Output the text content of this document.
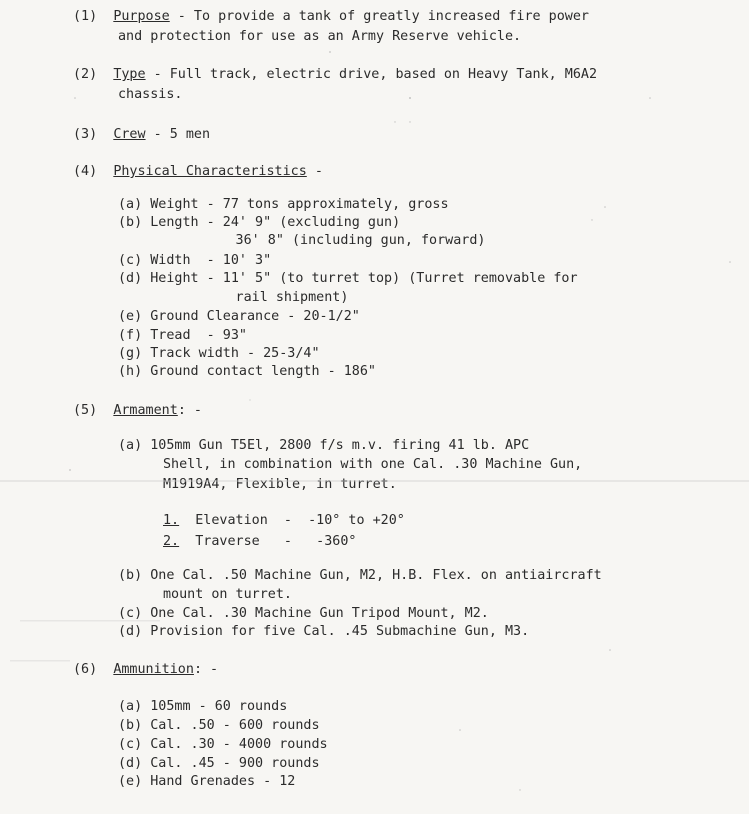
(1) Purpose - To provide a tank of greatly increased fire power
and protection for use as an Army Reserve vehicle.
(2) Type - Full track, electric drive, based on Heavy Tank, M6A2
chassis.
(3) Crew - 5 men
(4) Physical Characteristics -
(a) Weight - 77 tons approximately, gross
(b) Length - 24' 9" (excluding gun)
36' 8" (including gun, forward)
(c) Width  - 10' 3"
(d) Height - 11' 5" (to turret top) (Turret removable for
rail shipment)
(e) Ground Clearance - 20-1/2"
(f) Tread  - 93"
(g) Track width - 25-3/4"
(h) Ground contact length - 186"
(5) Armament: -
(a) 105mm Gun T5El, 2800 f/s m.v. firing 41 lb. APC
Shell, in combination with one Cal. .30 Machine Gun,
M1919A4, Flexible, in turret.
1. Elevation  -  -10° to +20°
2. Traverse   -   -360°
(b) One Cal. .50 Machine Gun, M2, H.B. Flex. on antiaircraft
mount on turret.
(c) One Cal. .30 Machine Gun Tripod Mount, M2.
(d) Provision for five Cal. .45 Submachine Gun, M3.
(6) Ammunition: -
(a) 105mm - 60 rounds
(b) Cal. .50 - 600 rounds
(c) Cal. .30 - 4000 rounds
(d) Cal. .45 - 900 rounds
(e) Hand Grenades - 12
